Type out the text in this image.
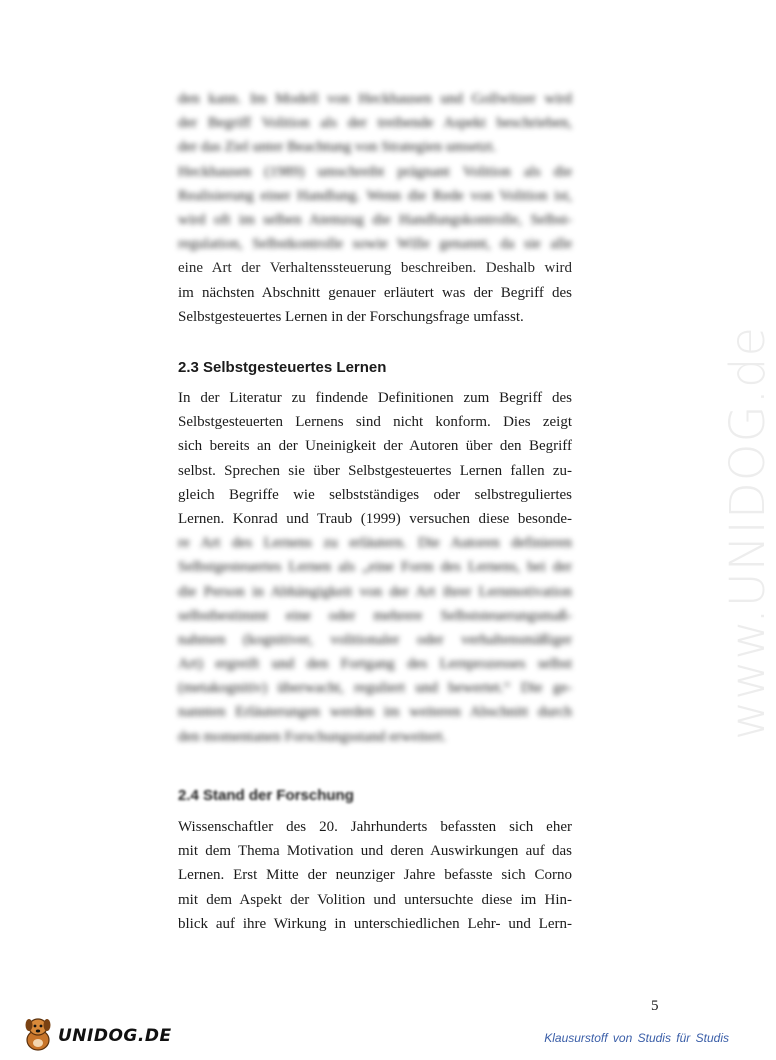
www.UNIDOG.de
den kann. Im Modell von Heckhausen und Gollwitzer wird
der Begriff Volition als der treibende Aspekt beschrieben,
der das Ziel unter Beachtung von Strategien umsetzt.
Heckhausen (1989) umschreibt prägnant Volition als die
Realisierung einer Handlung. Wenn die Rede von Volition ist,
wird oft im selben Atemzug die Handlungskontrolle, Selbst-
regulation, Selbstkontrolle sowie Wille genannt, da sie alle
eine Art der Verhaltenssteuerung beschreiben. Deshalb wird
im nächsten Abschnitt genauer erläutert was der Begriff des
Selbstgesteuertes Lernen in der Forschungsfrage umfasst.
2.3 Selbstgesteuertes Lernen
In der Literatur zu findende Definitionen zum Begriff des
Selbstgesteuerten Lernens sind nicht konform. Dies zeigt
sich bereits an der Uneinigkeit der Autoren über den Begriff
selbst. Sprechen sie über Selbstgesteuertes Lernen fallen zu-
gleich Begriffe wie selbstständiges oder selbstreguliertes
Lernen. Konrad und Traub (1999) versuchen diese besonde-
re Art des Lernens zu erläutern. Die Autoren definieren
Selbstgesteuertes Lernen als „eine Form des Lernens, bei der
die Person in Abhängigkeit von der Art ihrer Lernmotivation
selbstbestimmt eine oder mehrere Selbststeuerungsmaß-
nahmen (kognitiver, volitionaler oder verhaltensmäßiger
Art) ergreift und den Fortgang des Lernprozesses selbst
(metakognitiv) überwacht, reguliert und bewertet.“ Die ge-
nannten Erläuterungen werden im weiteren Abschnitt durch
den momentanen Forschungsstand erweitert.
2.4 Stand der Forschung
Wissenschaftler des 20. Jahrhunderts befassten sich eher
mit dem Thema Motivation und deren Auswirkungen auf das
Lernen. Erst Mitte der neunziger Jahre befasste sich Corno
mit dem Aspekt der Volition und untersuchte diese im Hin-
blick auf ihre Wirkung in unterschiedlichen Lehr- und Lern-
5
UNIDOG.DE	Klausurstoff von Studis für Studis
